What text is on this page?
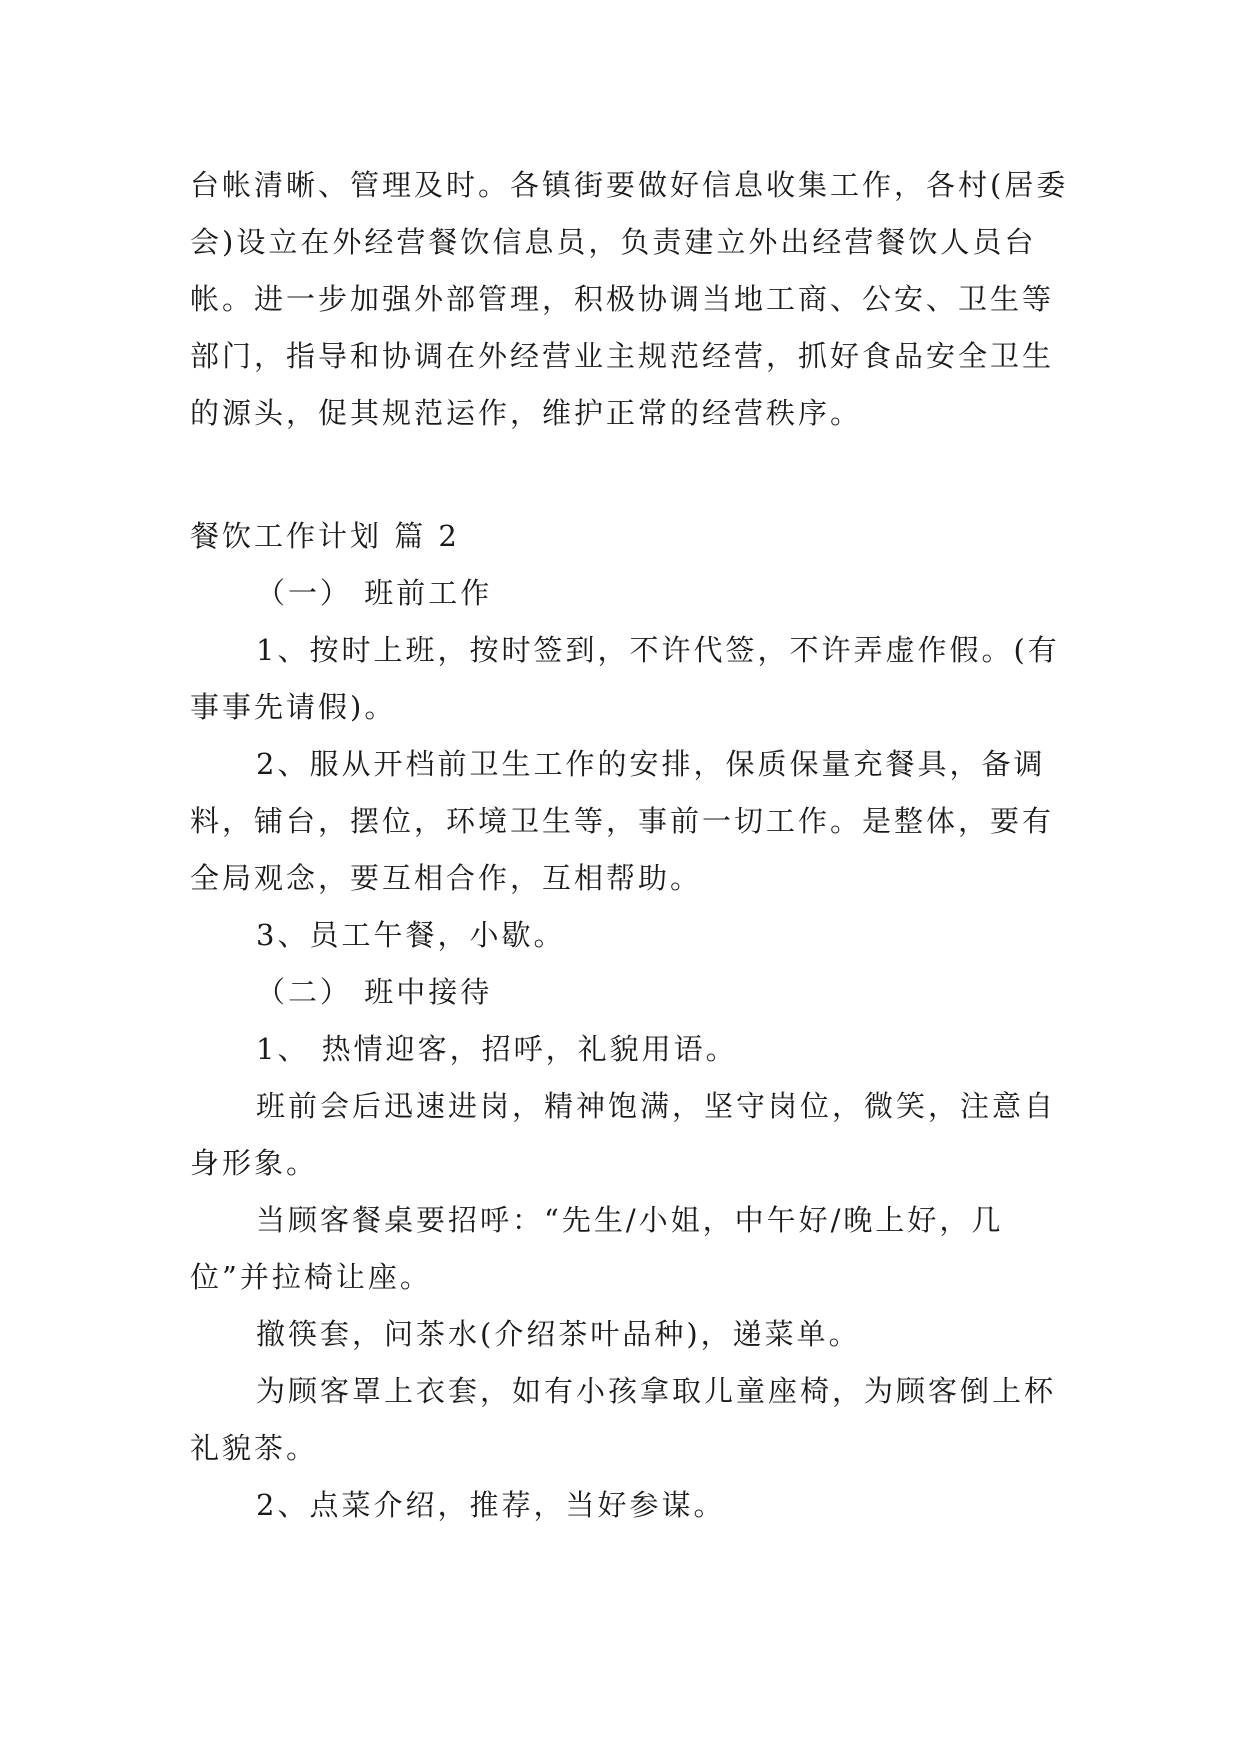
台帐清晰、管理及时。各镇街要做好信息收集工作，各村(居委会)设立在外经营餐饮信息员，负责建立外出经营餐饮人员台帐。进一步加强外部管理，积极协调当地工商、公安、卫生等部门，指导和协调在外经营业主规范经营，抓好食品安全卫生的源头，促其规范运作，维护正常的经营秩序。

餐饮工作计划 篇 2

（一） 班前工作

1、按时上班，按时签到，不许代签，不许弄虚作假。(有事事先请假)。

2、服从开档前卫生工作的安排，保质保量充餐具，备调料，铺台，摆位，环境卫生等，事前一切工作。是整体，要有全局观念，要互相合作，互相帮助。

3、员工午餐，小歇。

（二） 班中接待

1、 热情迎客，招呼，礼貌用语。

班前会后迅速进岗，精神饱满，坚守岗位，微笑，注意自身形象。

当顾客餐桌要招呼：“先生/小姐，中午好/晚上好，几位”并拉椅让座。

撤筷套，问茶水(介绍茶叶品种)，递菜单。

为顾客罩上衣套，如有小孩拿取儿童座椅，为顾客倒上杯礼貌茶。

2、点菜介绍，推荐，当好参谋。
